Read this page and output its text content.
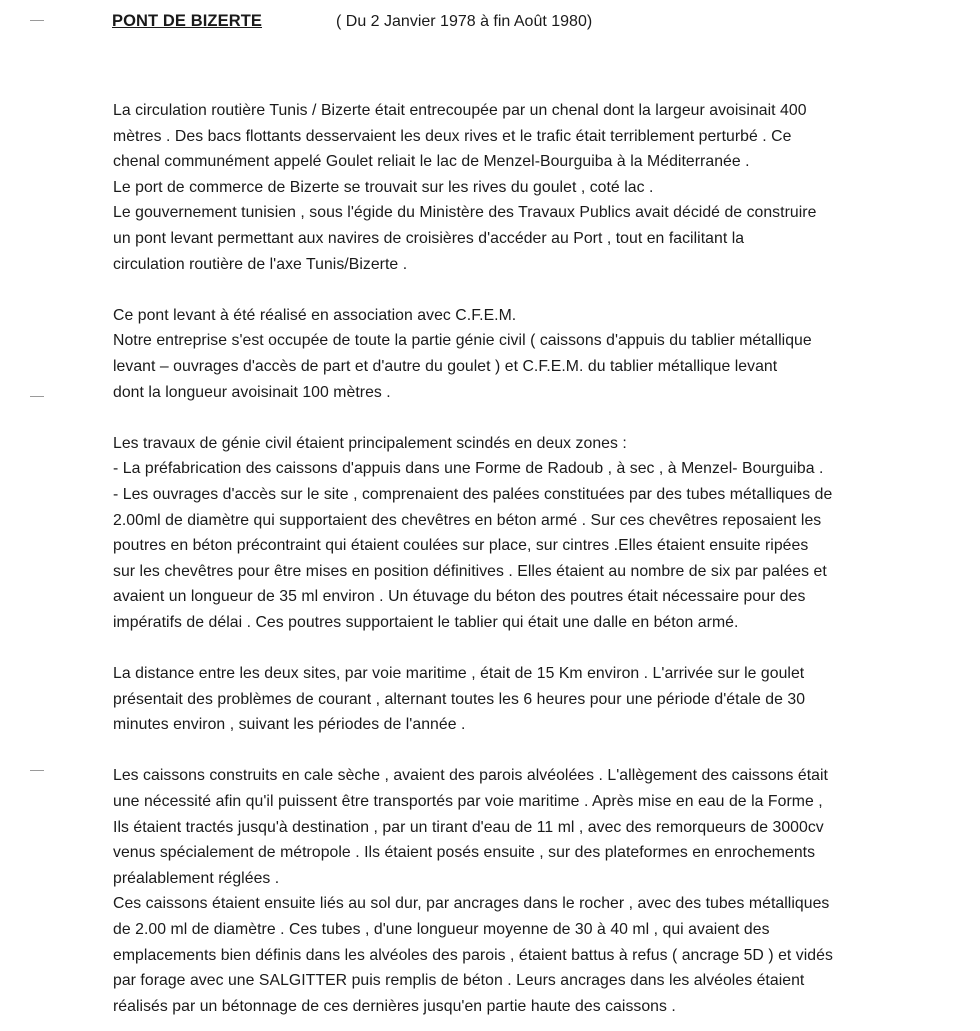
PONT DE BIZERTE	( Du 2 Janvier 1978 à fin Août 1980)
La circulation routière Tunis / Bizerte était entrecoupée par un chenal dont la largeur avoisinait 400
mètres . Des bacs flottants desservaient les deux rives et le trafic était terriblement perturbé . Ce
chenal communément appelé Goulet reliait le lac de Menzel-Bourguiba à la Méditerranée .
Le port de commerce de Bizerte se trouvait sur les rives du goulet , coté lac .
Le gouvernement tunisien , sous l'égide du Ministère des Travaux Publics avait décidé de construire
un pont levant permettant aux navires de croisières d'accéder au Port , tout en facilitant la
circulation routière de l'axe Tunis/Bizerte .
Ce pont levant à été réalisé en association avec C.F.E.M.
Notre entreprise s'est occupée de toute la partie génie civil ( caissons d'appuis du tablier métallique
levant – ouvrages d'accès de part et d'autre du goulet ) et C.F.E.M. du tablier métallique levant
dont la longueur avoisinait 100 mètres .
Les travaux de génie civil étaient principalement scindés en deux zones :
- La préfabrication des caissons d'appuis dans une Forme de Radoub , à sec , à Menzel- Bourguiba .
- Les ouvrages d'accès sur le site , comprenaient des palées constituées par des tubes métalliques de
2.00ml de diamètre qui supportaient des chevêtres en béton armé . Sur ces chevêtres reposaient les
poutres en béton précontraint qui étaient coulées sur place, sur cintres .Elles étaient ensuite ripées
sur les chevêtres pour être mises en position définitives . Elles étaient au nombre de six par palées et
avaient un longueur de 35 ml environ . Un étuvage du béton des poutres était nécessaire pour des
impératifs de délai . Ces poutres supportaient le tablier qui était une dalle en béton armé.
La distance entre les deux sites, par voie maritime , était de 15 Km environ . L'arrivée sur le goulet
présentait des problèmes de courant , alternant toutes les 6 heures pour une période d'étale de 30
minutes environ , suivant les périodes de l'année .
Les caissons construits en cale sèche , avaient des parois alvéolées . L'allègement des caissons était
une nécessité afin qu'il puissent être transportés par voie maritime . Après mise en eau de la Forme ,
Ils étaient tractés jusqu'à destination , par un tirant d'eau de 11 ml , avec des remorqueurs de 3000cv
venus spécialement de métropole . Ils étaient posés ensuite , sur des plateformes en enrochements
préalablement réglées .
Ces caissons étaient ensuite liés au sol dur, par ancrages dans le rocher , avec des tubes métalliques
de 2.00 ml de diamètre . Ces tubes , d'une longueur moyenne de 30 à 40 ml , qui avaient des
emplacements bien définis dans les alvéoles des parois , étaient battus à refus ( ancrage 5D ) et vidés
par forage avec une SALGITTER puis remplis de béton . Leurs ancrages dans les alvéoles étaient
réalisés par un bétonnage de ces dernières jusqu'en partie haute des caissons .
